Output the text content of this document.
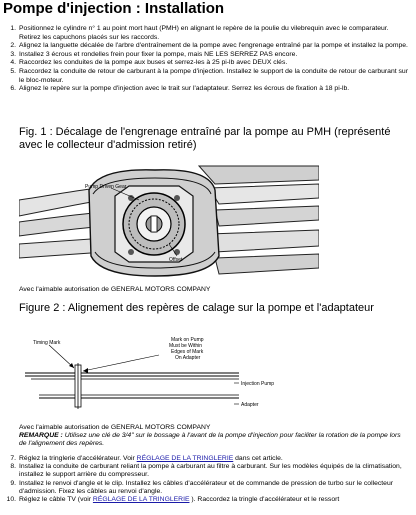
Pompe d'injection : Installation
1. Positionnez le cylindre n° 1 au point mort haut (PMH) en alignant le repère de la poulie du vilebrequin avec le comparateur. Retirez les capuchons placés sur les raccords.
2. Alignez la languette décalée de l'arbre d'entraînement de la pompe avec l'engrenage entraîné par la pompe et installez la pompe.
3. Installez 3 écrous et rondelles frein pour fixer la pompe, mais NE LES SERREZ PAS encore.
4. Raccordez les conduites de la pompe aux buses et serrez-les à 25 pi-lb avec DEUX clés.
5. Raccordez la conduite de retour de carburant à la pompe d'injection. Installez le support de la conduite de retour de carburant sur le bloc-moteur.
6. Alignez le repère sur la pompe d'injection avec le trait sur l'adaptateur. Serrez les écrous de fixation à 18 pi-lb.
Fig. 1 : Décalage de l'engrenage entraîné par la pompe au PMH (représenté avec le collecteur d'admission retiré)
Pump Driven Gear
Offset
Avec l'aimable autorisation de GENERAL MOTORS COMPANY
Figure 2 : Alignement des repères de calage sur la pompe et l'adaptateur
Timing Mark	Mark on Pump
Must be Within
Edges of Mark
On Adapter
Injection Pump
Adapter
Avec l'aimable autorisation de GENERAL MOTORS COMPANY
REMARQUE : Utilisez une clé de 3/4" sur le bossage à l'avant de la pompe d'injection pour faciliter la rotation de la pompe lors de l'alignement des repères.
7. Réglez la tringlerie d'accélérateur. Voir RÉGLAGE DE LA TRINGLERIE dans cet article.
8. Installez la conduite de carburant reliant la pompe à carburant au filtre à carburant. Sur les modèles équipés de la climatisation, installez le support arrière du compresseur.
9. Installez le renvoi d'angle et le clip. Installez les câbles d'accélérateur et de commande de pression de turbo sur le collecteur d'admission. Fixez les câbles au renvoi d'angle.
10. Réglez le câble TV (voir RÉGLAGE DE LA TRINGLERIE ). Raccordez la tringle d'accélérateur et le ressort
